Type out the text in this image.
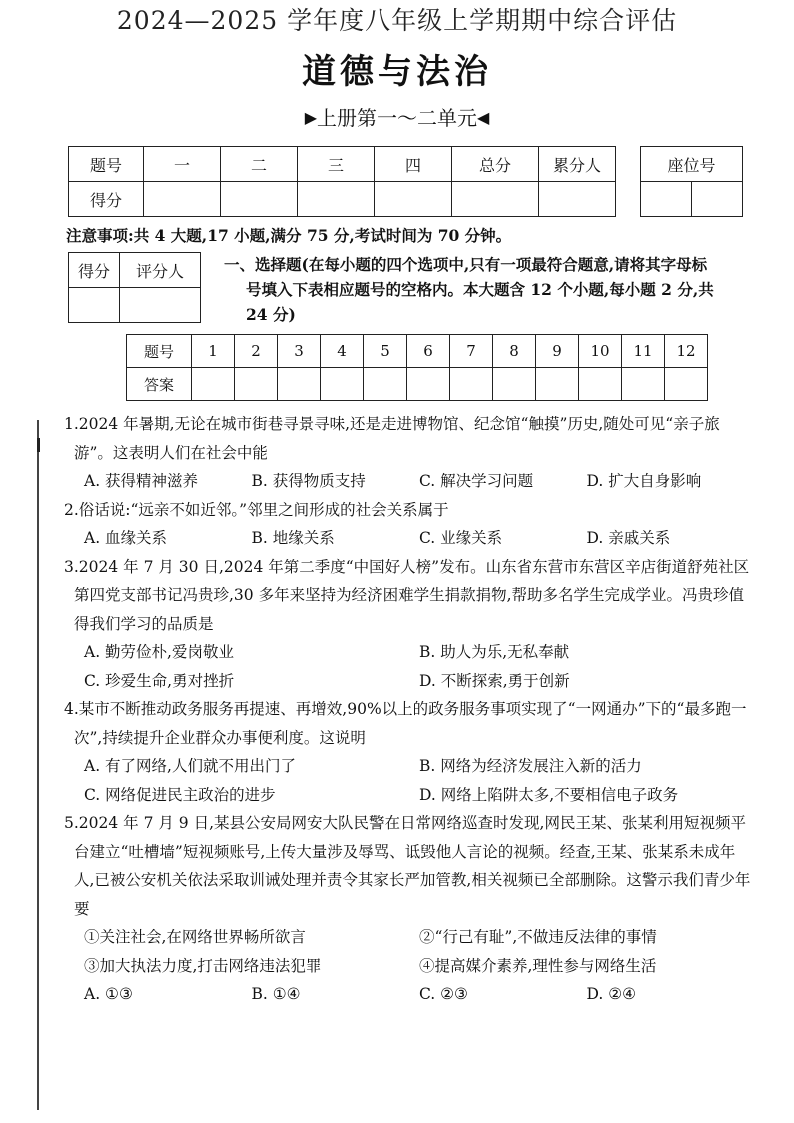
2024—2025 学年度八年级上学期期中综合评估
道德与法治
▶上册第一～二单元◀
题号	一	二	三	四	总分	累分人
得分						
座位号

注意事项:共 4 大题,17 小题,满分 75 分,考试时间为 70 分钟。
得分	评分人
		一、选择题(在每小题的四个选项中,只有一项最符合题意,请将其字母标
号填入下表相应题号的空格内。本大题含 12 个小题,每小题 2 分,共
24 分)
题号	1	2	3	4	5	6	7	8	9	10	11	12
答案												
1.2024 年暑期,无论在城市街巷寻景寻味,还是走进博物馆、纪念馆“触摸”历史,随处可见“亲子旅游”。这表明人们在社会中能
A. 获得精神滋养	B. 获得物质支持	C. 解决学习问题	D. 扩大自身影响
2.俗话说:“远亲不如近邻。”邻里之间形成的社会关系属于
A. 血缘关系	B. 地缘关系	C. 业缘关系	D. 亲戚关系
3.2024 年 7 月 30 日,2024 年第二季度“中国好人榜”发布。山东省东营市东营区辛店街道舒苑社区第四党支部书记冯贵珍,30 多年来坚持为经济困难学生捐款捐物,帮助多名学生完成学业。冯贵珍值得我们学习的品质是
A. 勤劳俭朴,爱岗敬业	B. 助人为乐,无私奉献
C. 珍爱生命,勇对挫折	D. 不断探索,勇于创新
4.某市不断推动政务服务再提速、再增效,90%以上的政务服务事项实现了“一网通办”下的“最多跑一次”,持续提升企业群众办事便利度。这说明
A. 有了网络,人们就不用出门了	B. 网络为经济发展注入新的活力
C. 网络促进民主政治的进步	D. 网络上陷阱太多,不要相信电子政务
5.2024 年 7 月 9 日,某县公安局网安大队民警在日常网络巡查时发现,网民王某、张某利用短视频平台建立“吐槽墙”短视频账号,上传大量涉及辱骂、诋毁他人言论的视频。经查,王某、张某系未成年人,已被公安机关依法采取训诫处理并责令其家长严加管教,相关视频已全部删除。这警示我们青少年要
①关注社会,在网络世界畅所欲言	②“行己有耻”,不做违反法律的事情
③加大执法力度,打击网络违法犯罪	④提高媒介素养,理性参与网络生活
A. ①③	B. ①④	C. ②③	D. ②④
